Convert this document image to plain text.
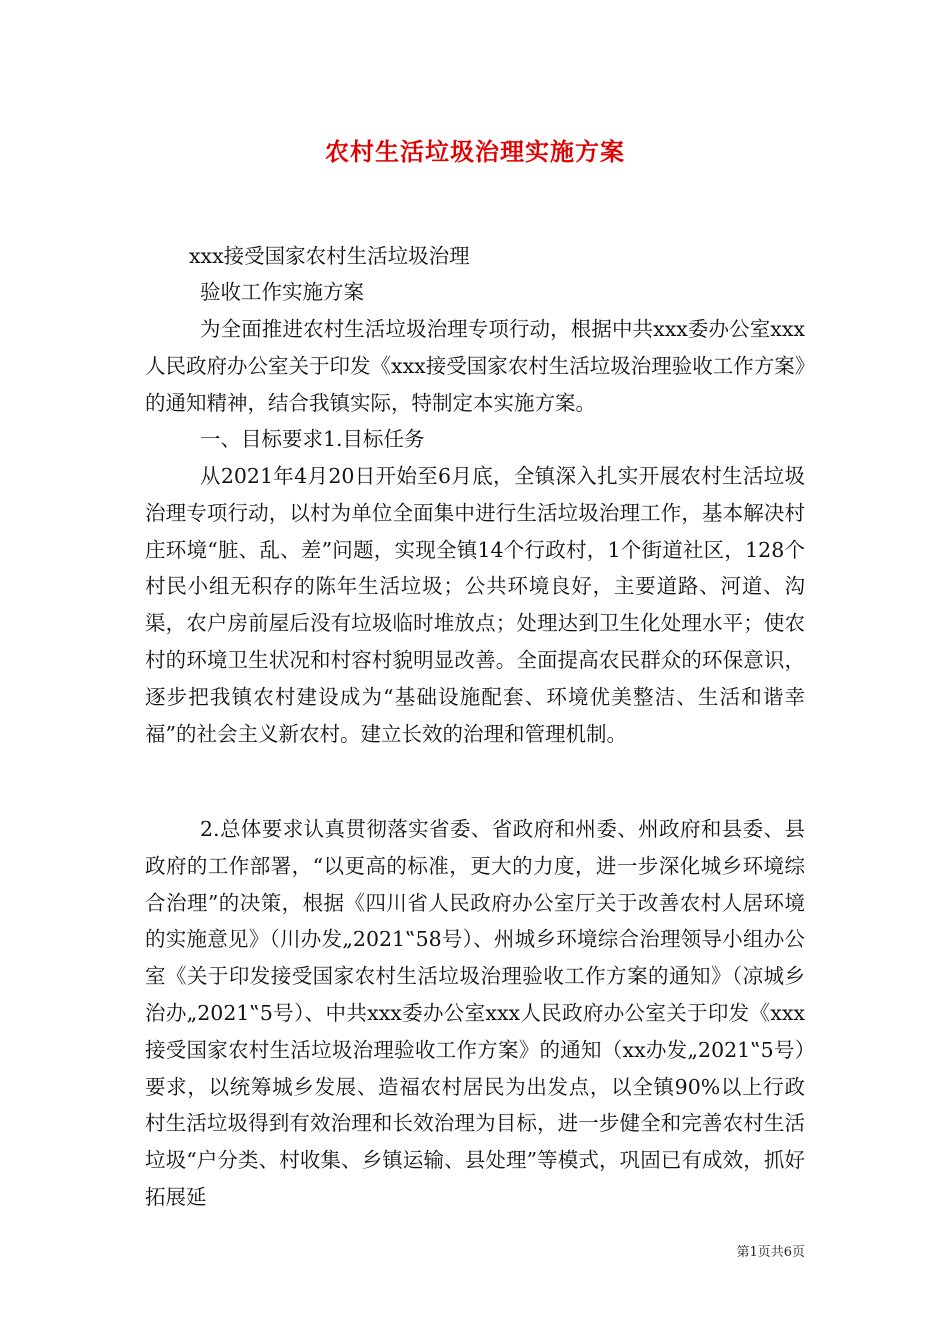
农村生活垃圾治理实施方案
xxx接受国家农村生活垃圾治理
验收工作实施方案
为全面推进农村生活垃圾治理专项行动，根据中共xxx委办公室xxx人民政府办公室关于印发《xxx接受国家农村生活垃圾治理验收工作方案》的通知精神，结合我镇实际，特制定本实施方案。
一、目标要求1.目标任务
从2021年4月20日开始至6月底，全镇深入扎实开展农村生活垃圾治理专项行动，以村为单位全面集中进行生活垃圾治理工作，基本解决村庄环境“脏、乱、差”问题，实现全镇14个行政村，1个街道社区，128个村民小组无积存的陈年生活垃圾；公共环境良好，主要道路、河道、沟渠，农户房前屋后没有垃圾临时堆放点；处理达到卫生化处理水平；使农村的环境卫生状况和村容村貌明显改善。全面提高农民群众的环保意识，逐步把我镇农村建设成为“基础设施配套、环境优美整洁、生活和谐幸福”的社会主义新农村。建立长效的治理和管理机制。
2.总体要求认真贯彻落实省委、省政府和州委、州政府和县委、县政府的工作部署，“以更高的标准，更大的力度，进一步深化城乡环境综合治理”的决策，根据《四川省人民政府办公室厅关于改善农村人居环境的实施意见》（川办发„2021‟58号）、州城乡环境综合治理领导小组办公室《关于印发接受国家农村生活垃圾治理验收工作方案的通知》（凉城乡治办„2021‟5号）、中共xxx委办公室xxx人民政府办公室关于印发《xxx接受国家农村生活垃圾治理验收工作方案》的通知（xx办发„2021‟5号）要求，以统筹城乡发展、造福农村居民为出发点，以全镇90%以上行政村生活垃圾得到有效治理和长效治理为目标，进一步健全和完善农村生活垃圾“户分类、村收集、乡镇运输、县处理”等模式，巩固已有成效，抓好拓展延
第1页共6页
